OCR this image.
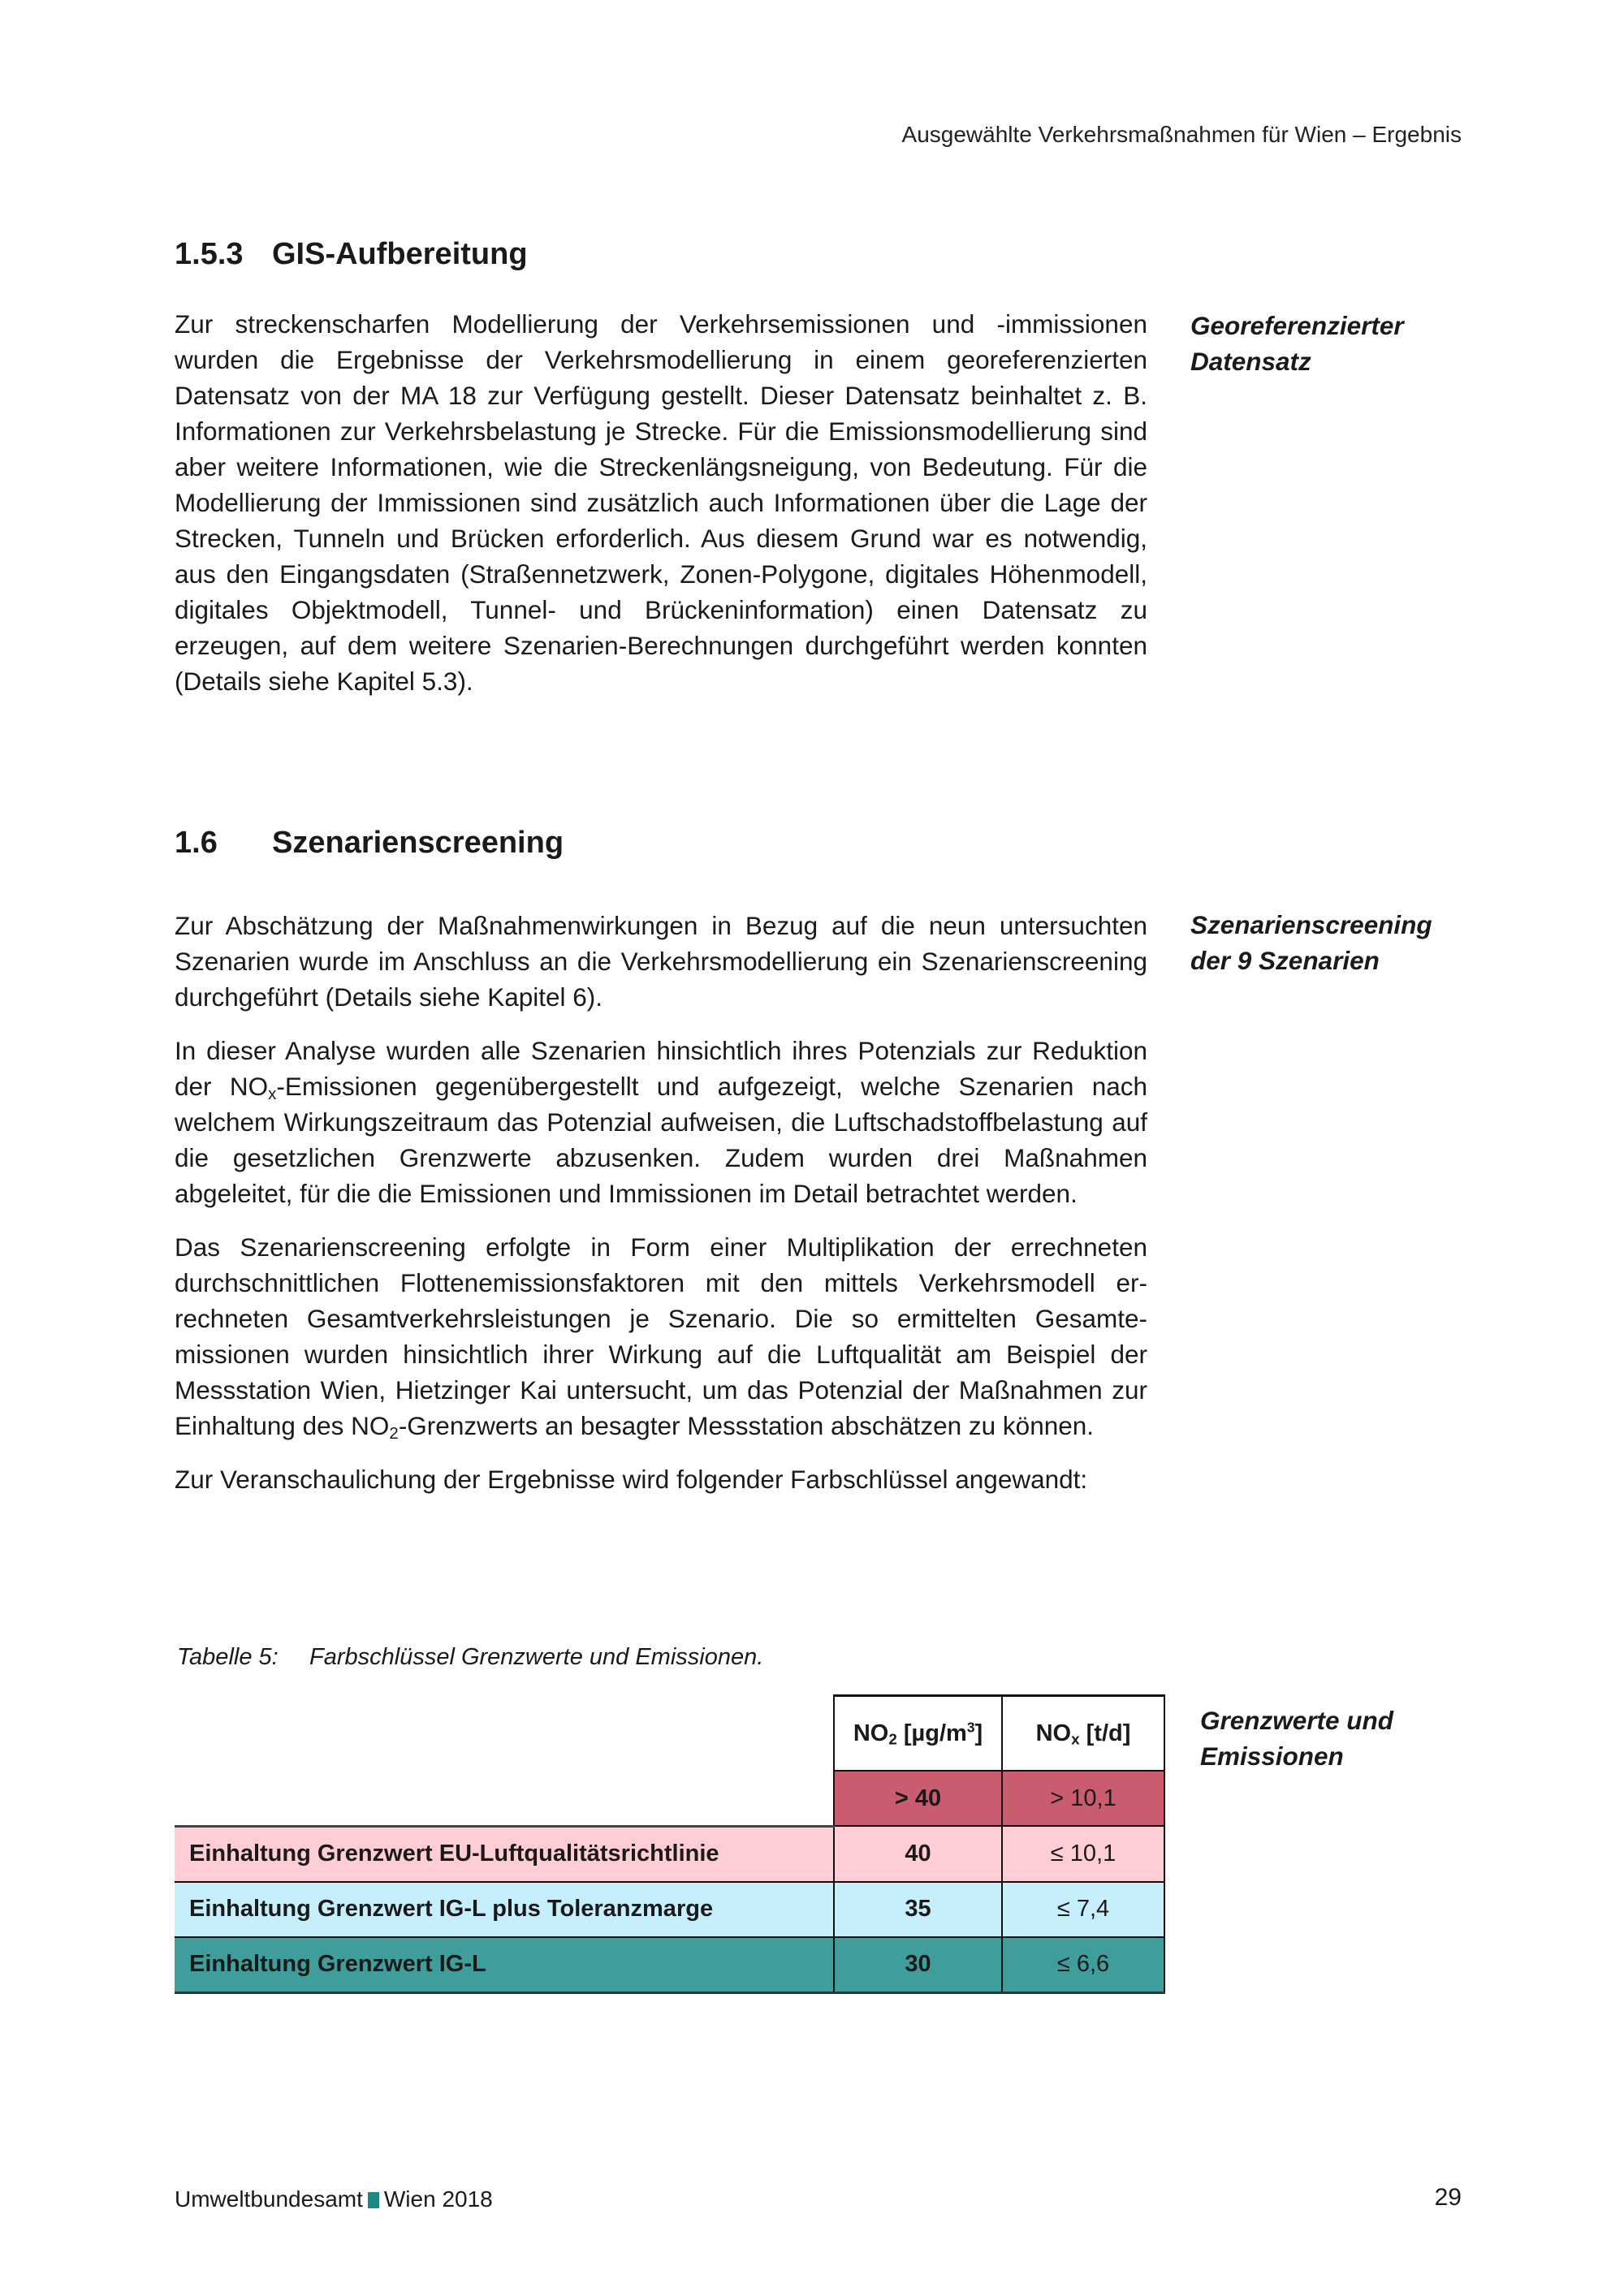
Ausgewählte Verkehrsmaßnahmen für Wien – Ergebnis
1.5.3 GIS-Aufbereitung

Zur streckenscharfen Modellierung der Verkehrsemissionen und -immissionen wurden die Ergebnisse der Verkehrsmodellierung in einem georeferenzierten Datensatz von der MA 18 zur Verfügung gestellt. Dieser Datensatz beinhaltet z. B. Informationen zur Verkehrsbelastung je Strecke. Für die Emissionsmodellierung sind aber weitere Informationen, wie die Streckenlängsneigung, von Bedeutung. Für die Modellierung der Immissionen sind zusätzlich auch Informationen über die Lage der Strecken, Tunneln und Brücken erforderlich. Aus diesem Grund war es notwendig, aus den Eingangsdaten (Straßennetzwerk, Zonen-Polygone, digitales Höhenmodell, digitales Objektmodell, Tunnel- und Brückeninformation) einen Datensatz zu erzeugen, auf dem weitere Szenarien-Berechnungen durchgeführt werden konnten (Details siehe Kapitel 5.3).

Georeferenzierter
Datensatz
1.6 Szenarienscreening

Zur Abschätzung der Maßnahmenwirkungen in Bezug auf die neun untersuchten Szenarien wurde im Anschluss an die Verkehrsmodellierung ein Szenarienscreening durchgeführt (Details siehe Kapitel 6).

In dieser Analyse wurden alle Szenarien hinsichtlich ihres Potenzials zur Reduktion der $NO_x$-Emissionen gegenübergestellt und aufgezeigt, welche Szenarien nach welchem Wirkungszeitraum das Potenzial aufweisen, die Luftschadstoffbelastung auf die gesetzlichen Grenzwerte abzusenken. Zudem wurden drei Maßnahmen abgeleitet, für die die Emissionen und Immissionen im Detail betrachtet werden.

Das Szenarienscreening erfolgte in Form einer Multiplikation der errechneten durchschnittlichen Flottenemissionsfaktoren mit den mittels Verkehrsmodell errechneten Gesamtverkehrsleistungen je Szenario. Die so ermittelten Gesamtemissionen wurden hinsichtlich ihrer Wirkung auf die Luftqualität am Beispiel der Messstation Wien, Hietzinger Kai untersucht, um das Potenzial der Maßnahmen zur Einhaltung des $NO_2$-Grenzwerts an besagter Messstation abschätzen zu können.

Zur Veranschaulichung der Ergebnisse wird folgender Farbschlüssel angewandt:

Szenarienscreening
der 9 Szenarien
Tabelle 5: Farbschlüssel Grenzwerte und Emissionen.
	$NO_2$ $[\mu g/m^3]$	$NO_x$ [t/d]
	> 40	> 10,1
Einhaltung Grenzwert EU-Luftqualitätsrichtlinie	40	≤ 10,1
Einhaltung Grenzwert IG-L plus Toleranzmarge	35	≤ 7,4
Einhaltung Grenzwert IG-L	30	≤ 6,6
Grenzwerte und
Emissionen
Umweltbundesamt Wien 2018	29
